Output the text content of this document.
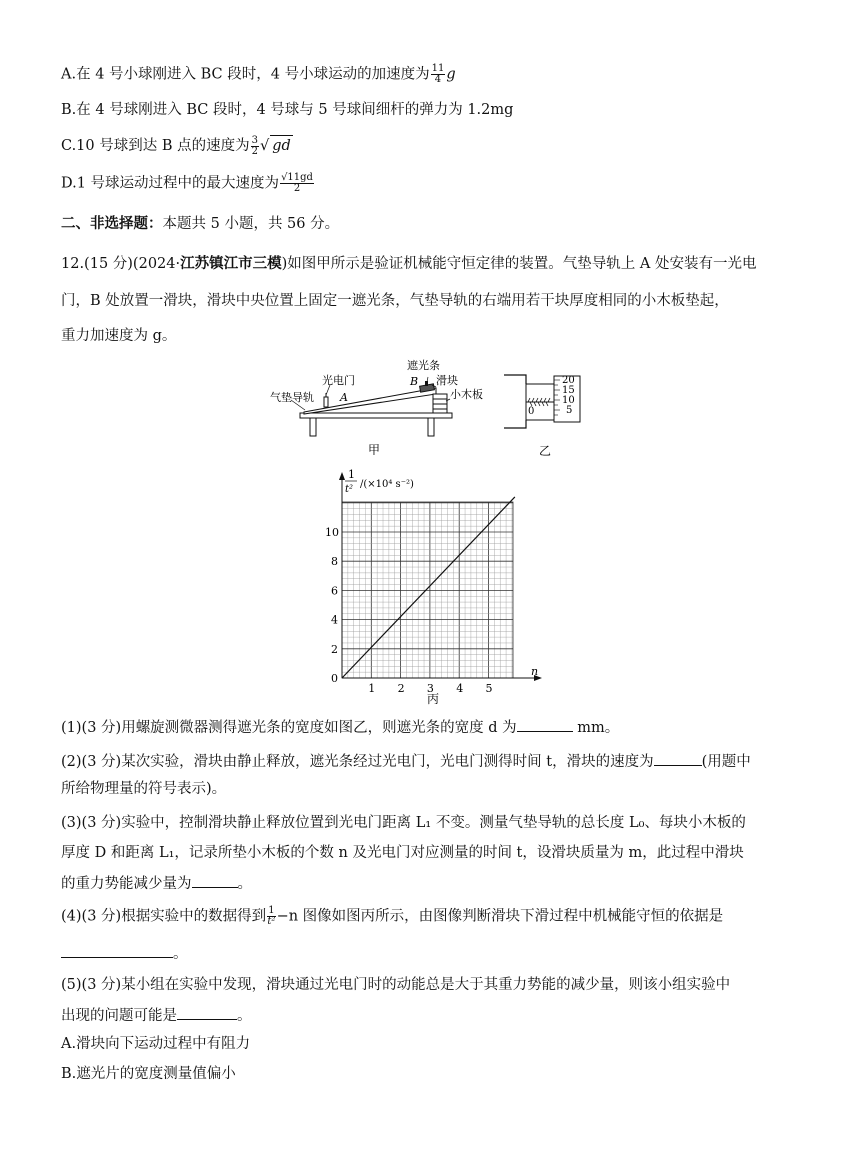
A.在 4 号小球刚进入 BC 段时，4 号小球运动的加速度为 $\frac{11}{4}$ g
B.在 4 号球刚进入 BC 段时，4 号球与 5 号球间细杆的弹力为 1.2mg
C.10 号球到达 B 点的速度为 $\frac{3}{2}$ √ gd
D.1 号球运动过程中的最大速度为 $\frac{√11gd}{2}$
二、非选择题：本题共 5 小题，共 56 分。
12.(15 分)(2024·江苏镇江市三模)如图甲所示是验证机械能守恒定律的装置。气垫导轨上 A 处安装有一光电
门，B 处放置一滑块，滑块中央位置上固定一遮光条，气垫导轨的右端用若干块厚度相同的小木板垫起，
重力加速度为 g。
气垫导轨
光电门
A
遮光条
B 滑块
小木板
甲
20
15
10
5
0
乙
1 2 3 4 5
0
2
4
6
8
10
1
t² /(×10⁴ s⁻²)
n
丙
(1)(3 分)用螺旋测微器测得遮光条的宽度如图乙，则遮光条的宽度 d 为	mm。
(2)(3 分)某次实验，滑块由静止释放，遮光条经过光电门，光电门测得时间 t，滑块的速度为	(用题中
所给物理量的符号表示)。
(3)(3 分)实验中，控制滑块静止释放位置到光电门距离 L₁ 不变。测量气垫导轨的总长度 L₀、每块小木板的
厚度 D 和距离 L₁，记录所垫小木板的个数 n 及光电门对应测量的时间 t，设滑块质量为 m，此过程中滑块
的重力势能减少量为	。
(4)(3 分)根据实验中的数据得到 $\frac{1}{\text{t²}} -n$ 图像如图丙所示，由图像判断滑块下滑过程中机械能守恒的依据是
。
(5)(3 分)某小组在实验中发现，滑块通过光电门时的动能总是大于其重力势能的减少量，则该小组实验中
出现的问题可能是	。
A.滑块向下运动过程中有阻力
B.遮光片的宽度测量值偏小
